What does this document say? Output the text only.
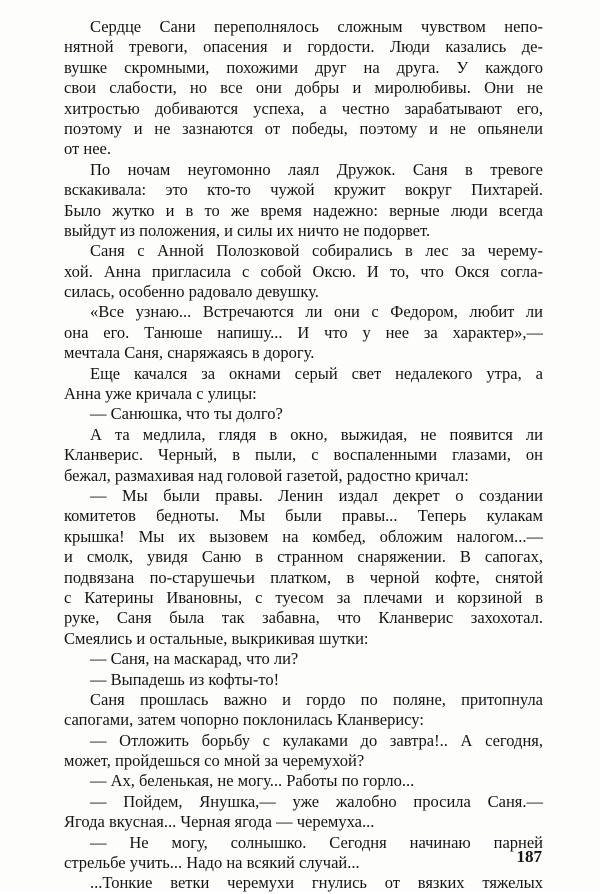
Сердце Сани переполнялось сложным чувством непо-
нятной тревоги, опасения и гордости. Люди казались де-
вушке скромными, похожими друг на друга. У каждого
свои слабости, но все они добры и миролюбивы. Они не
хитростью добиваются успеха, а честно зарабатывают его,
поэтому и не зазнаются от победы, поэтому и не опьянели
от нее.
По ночам неугомонно лаял Дружок. Саня в тревоге
вскакивала: это кто-то чужой кружит вокруг Пихтарей.
Было жутко и в то же время надежно: верные люди всегда
выйдут из положения, и силы их ничто не подорвет.
Саня с Анной Полозковой собирались в лес за черему-
хой. Анна пригласила с собой Оксю. И то, что Окся согла-
силась, особенно радовало девушку.
«Все узнаю... Встречаются ли они с Федором, любит ли
она его. Танюше напишу... И что у нее за характер»,—
мечтала Саня, снаряжаясь в дорогу.
Еще качался за окнами серый свет недалекого утра, а
Анна уже кричала с улицы:
— Санюшка, что ты долго?
А та медлила, глядя в окно, выжидая, не появится ли
Кланверис. Черный, в пыли, с воспаленными глазами, он
бежал, размахивая над головой газетой, радостно кричал:
— Мы были правы. Ленин издал декрет о создании
комитетов бедноты. Мы были правы... Теперь кулакам
крышка! Мы их вызовем на комбед, обложим налогом...—
и смолк, увидя Саню в странном снаряжении. В сапогах,
подвязана по-старушечьи платком, в черной кофте, снятой
с Катерины Ивановны, с туесом за плечами и корзиной в
руке, Саня была так забавна, что Кланверис захохотал.
Смеялись и остальные, выкрикивая шутки:
— Саня, на маскарад, что ли?
— Выпадешь из кофты-то!
Саня прошлась важно и гордо по поляне, притопнула
сапогами, затем чопорно поклонилась Кланверису:
— Отложить борьбу с кулаками до завтра!.. А сегодня,
может, пройдешься со мной за черемухой?
— Ах, беленькая, не могу... Работы по горло...
— Пойдем, Янушка,— уже жалобно просила Саня.—
Ягода вкусная... Черная ягода — черемуха...
— Не могу, солнышко. Сегодня начинаю парней
стрельбе учить... Надо на всякий случай...
...Тонкие ветки черемухи гнулись от вязких тяжелых
187
